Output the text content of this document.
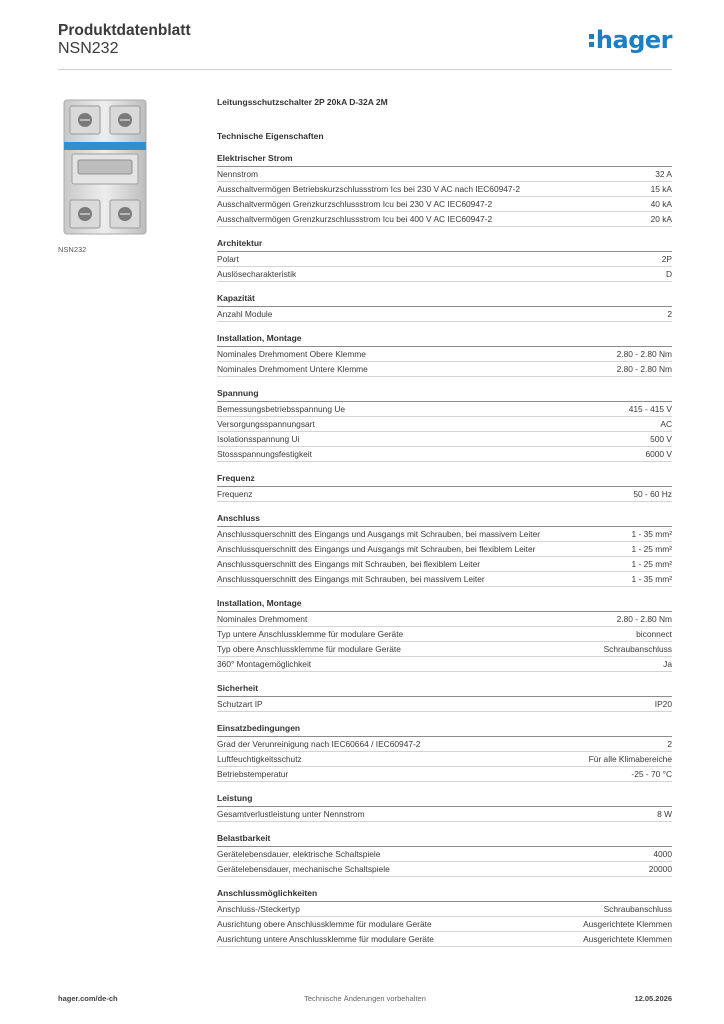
Produktdatenblatt
NSN232	hager
NSN232
Leitungsschutzschalter 2P 20kA D-32A 2M
Technische Eigenschaften
Elektrischer Strom
Nennstrom	32 A
Ausschaltvermögen Betriebskurzschlussstrom Ics bei 230 V AC nach IEC60947-2	15 kA
Ausschaltvermögen Grenzkurzschlussstrom Icu bei 230 V AC IEC60947-2	40 kA
Ausschaltvermögen Grenzkurzschlussstrom Icu bei 400 V AC IEC60947-2	20 kA
Architektur
Polart	2P
Auslösecharakteristik	D
Kapazität
Anzahl Module	2
Installation, Montage
Nominales Drehmoment Obere Klemme	2.80 - 2.80 Nm
Nominales Drehmoment Untere Klemme	2.80 - 2.80 Nm
Spannung
Bemessungsbetriebsspannung Ue	415 - 415 V
Versorgungsspannungsart	AC
Isolationsspannung Ui	500 V
Stossspannungsfestigkeit	6000 V
Frequenz
Frequenz	50 - 60 Hz
Anschluss
Anschlussquerschnitt des Eingangs und Ausgangs mit Schrauben, bei massivem Leiter	1 - 35 mm²
Anschlussquerschnitt des Eingangs und Ausgangs mit Schrauben, bei flexiblem Leiter	1 - 25 mm²
Anschlussquerschnitt des Eingangs mit Schrauben, bei flexiblem Leiter	1 - 25 mm²
Anschlussquerschnitt des Eingangs mit Schrauben, bei massivem Leiter	1 - 35 mm²
Installation, Montage
Nominales Drehmoment	2.80 - 2.80 Nm
Typ untere Anschlussklemme für modulare Geräte	biconnect
Typ obere Anschlussklemme für modulare Geräte	Schraubanschluss
360° Montagemöglichkeit	Ja
Sicherheit
Schutzart IP	IP20
Einsatzbedingungen
Grad der Verunreinigung nach IEC60664 / IEC60947-2	2
Luftfeuchtigkeitsschutz	Für alle Klimabereiche
Betriebstemperatur	-25 - 70 °C
Leistung
Gesamtverlustleistung unter Nennstrom	8 W
Belastbarkeit
Gerätelebensdauer, elektrische Schaltspiele	4000
Gerätelebensdauer, mechanische Schaltspiele	20000
Anschlussmöglichkeiten
Anschluss-/Steckertyp	Schraubanschluss
Ausrichtung obere Anschlussklemme für modulare Geräte	Ausgerichtete Klemmen
Ausrichtung untere Anschlussklemme für modulare Geräte	Ausgerichtete Klemmen
hager.com/de-ch	Technische Änderungen vorbehalten	12.05.2026
